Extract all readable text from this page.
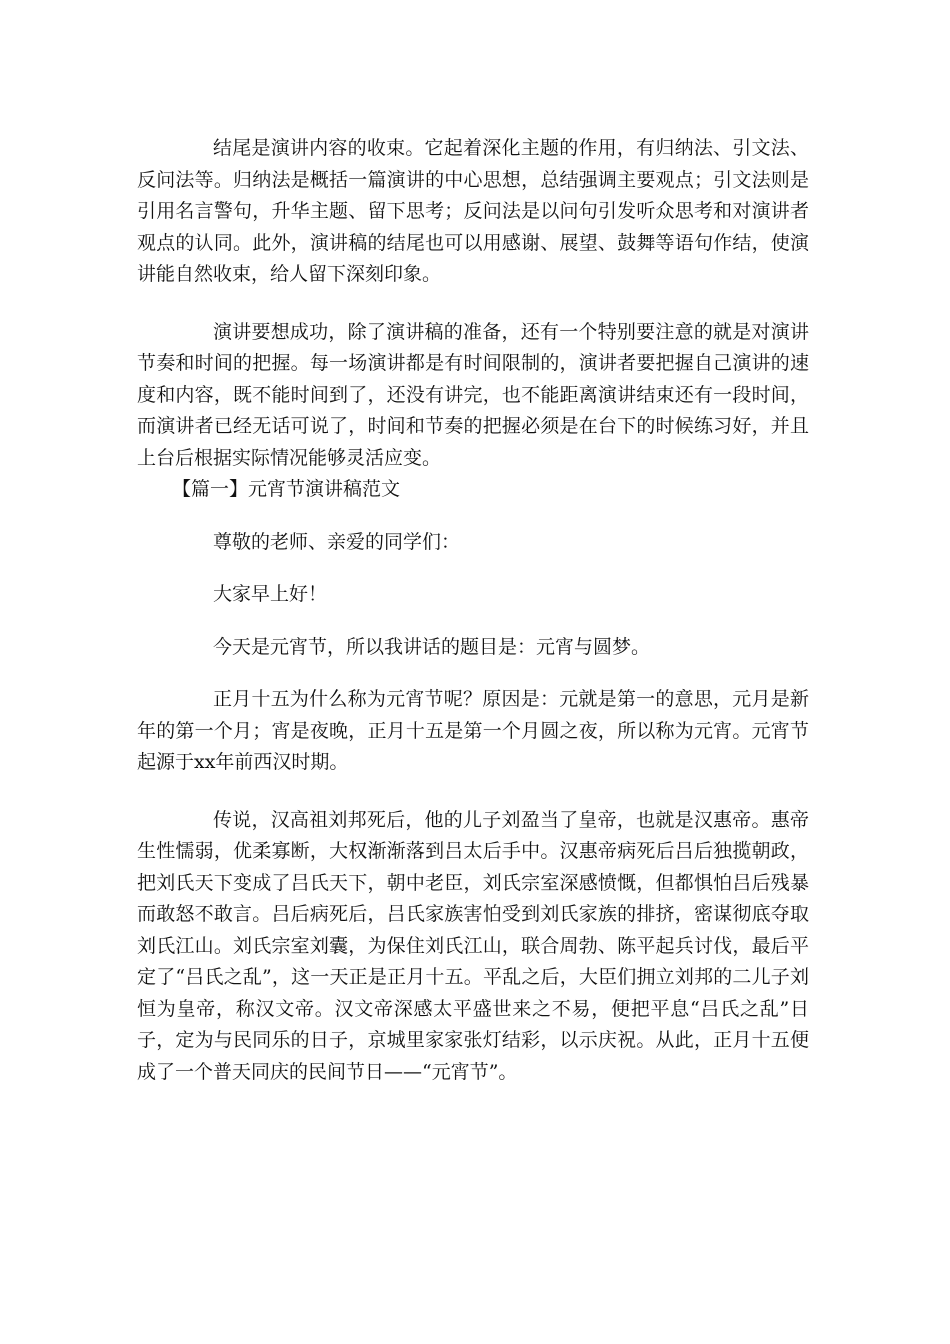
结尾是演讲内容的收束。它起着深化主题的作用，有归纳法、引文法、反问法等。归纳法是概括一篇演讲的中心思想，总结强调主要观点；引文法则是引用名言警句，升华主题、留下思考；反问法是以问句引发听众思考和对演讲者观点的认同。此外，演讲稿的结尾也可以用感谢、展望、鼓舞等语句作结，使演讲能自然收束，给人留下深刻印象。

演讲要想成功，除了演讲稿的准备，还有一个特别要注意的就是对演讲节奏和时间的把握。每一场演讲都是有时间限制的，演讲者要把握自己演讲的速度和内容，既不能时间到了，还没有讲完，也不能距离演讲结束还有一段时间，而演讲者已经无话可说了，时间和节奏的把握必须是在台下的时候练习好，并且上台后根据实际情况能够灵活应变。

【篇一】元宵节演讲稿范文

尊敬的老师、亲爱的同学们：

大家早上好！

今天是元宵节，所以我讲话的题目是：元宵与圆梦。

正月十五为什么称为元宵节呢？原因是：元就是第一的意思，元月是新年的第一个月；宵是夜晚，正月十五是第一个月圆之夜，所以称为元宵。元宵节起源于xx年前西汉时期。

传说，汉高祖刘邦死后，他的儿子刘盈当了皇帝，也就是汉惠帝。惠帝生性懦弱，优柔寡断，大权渐渐落到吕太后手中。汉惠帝病死后吕后独揽朝政，把刘氏天下变成了吕氏天下，朝中老臣，刘氏宗室深感愤慨，但都惧怕吕后残暴而敢怒不敢言。吕后病死后，吕氏家族害怕受到刘氏家族的排挤，密谋彻底夺取刘氏江山。刘氏宗室刘囊，为保住刘氏江山，联合周勃、陈平起兵讨伐，最后平定了“吕氏之乱”，这一天正是正月十五。平乱之后，大臣们拥立刘邦的二儿子刘恒为皇帝，称汉文帝。汉文帝深感太平盛世来之不易，便把平息“吕氏之乱”日子，定为与民同乐的日子，京城里家家张灯结彩，以示庆祝。从此，正月十五便成了一个普天同庆的民间节日——“元宵节”。
